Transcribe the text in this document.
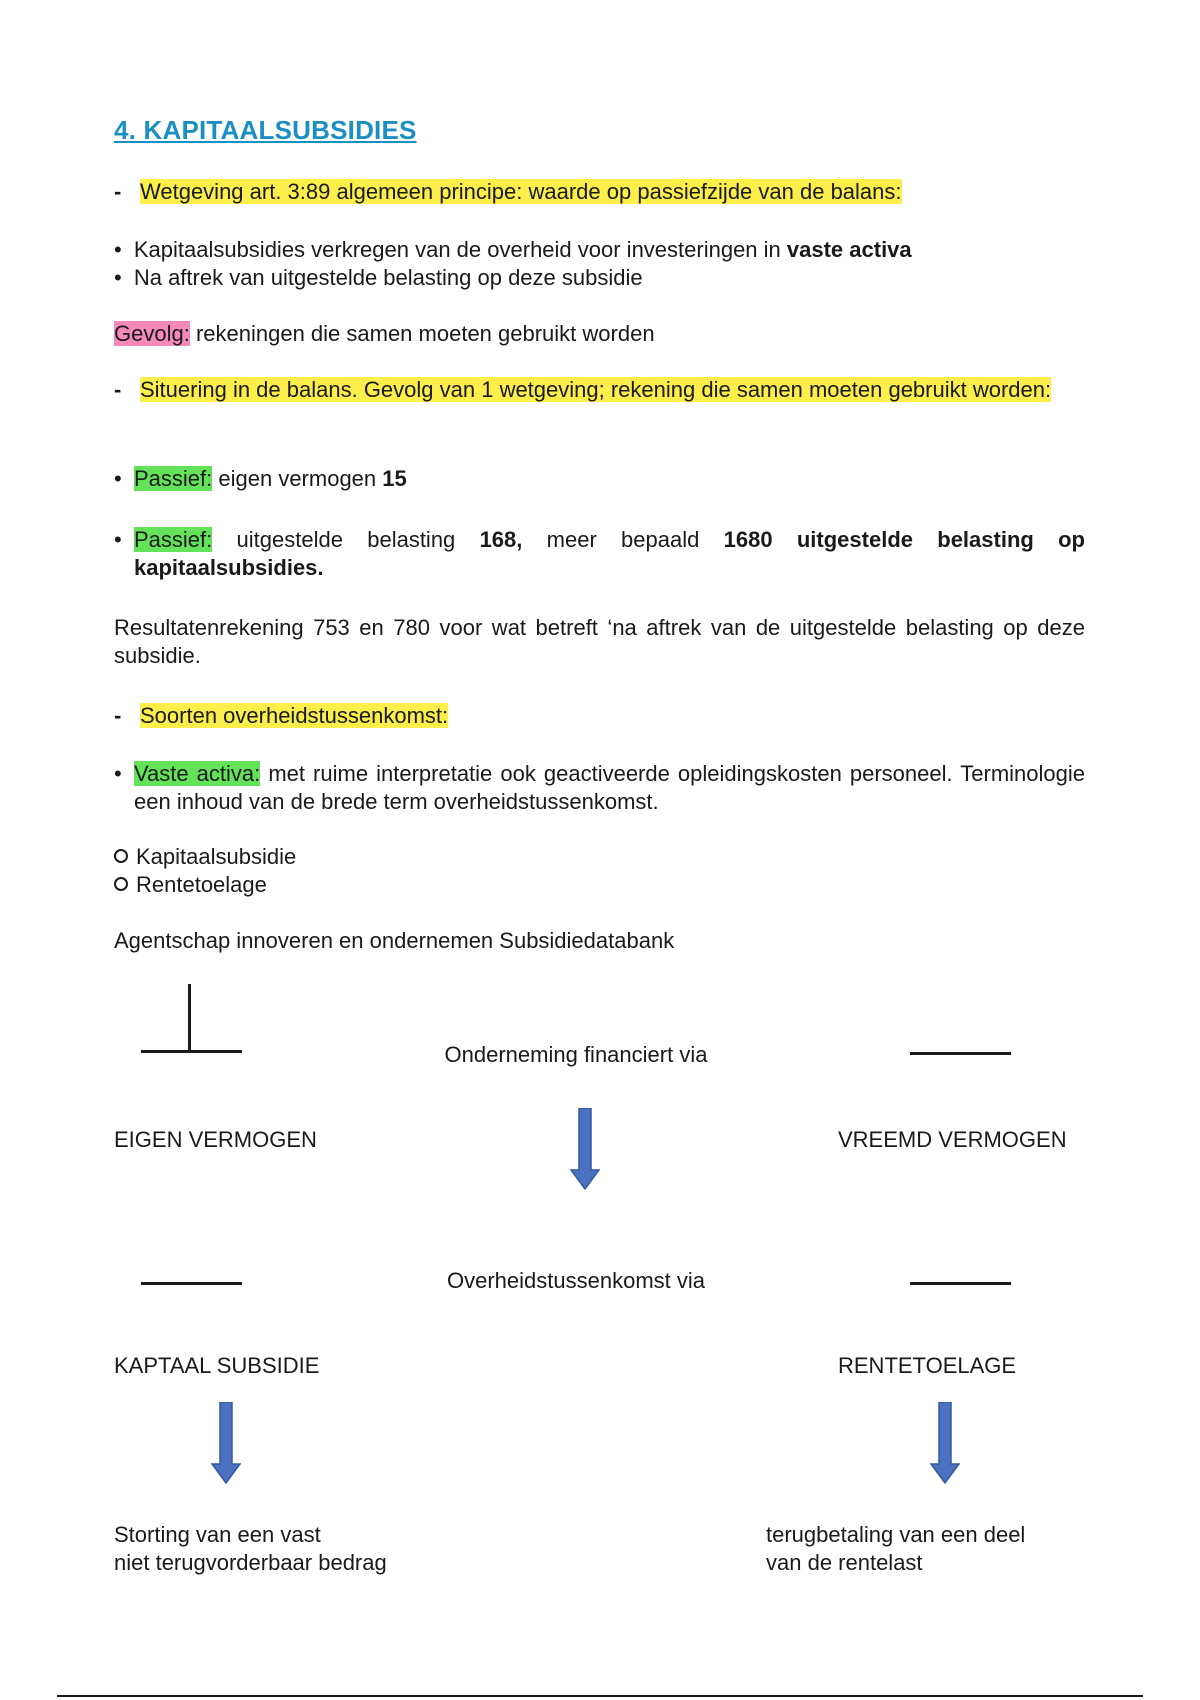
4. KAPITAALSUBSIDIES
- Wetgeving art. 3:89 algemeen principe: waarde op passiefzijde van de balans:
• Kapitaalsubsidies verkregen van de overheid voor investeringen in vaste activa
• Na aftrek van uitgestelde belasting op deze subsidie
Gevolg: rekeningen die samen moeten gebruikt worden
- Situering in de balans. Gevolg van 1 wetgeving; rekening die samen moeten gebruikt worden:
• Passief: eigen vermogen 15
• Passief: uitgestelde belasting 168, meer bepaald 1680 uitgestelde belasting op kapitaalsubsidies.
Resultatenrekening 753 en 780 voor wat betreft ‘na aftrek van de uitgestelde belasting op deze subsidie.
- Soorten overheidstussenkomst:
• Vaste activa: met ruime interpretatie ook geactiveerde opleidingskosten personeel. Terminologie een inhoud van de brede term overheidstussenkomst.
Kapitaalsubsidie
Rentetoelage
Agentschap innoveren en ondernemen Subsidiedatabank
Onderneming financiert via
EIGEN VERMOGEN	VREEMD VERMOGEN
Overheidstussenkomst via
KAPTAAL SUBSIDIE	RENTETOELAGE
Storting van een vast
niet terugvorderbaar bedrag
terugbetaling van een deel
van de rentelast
